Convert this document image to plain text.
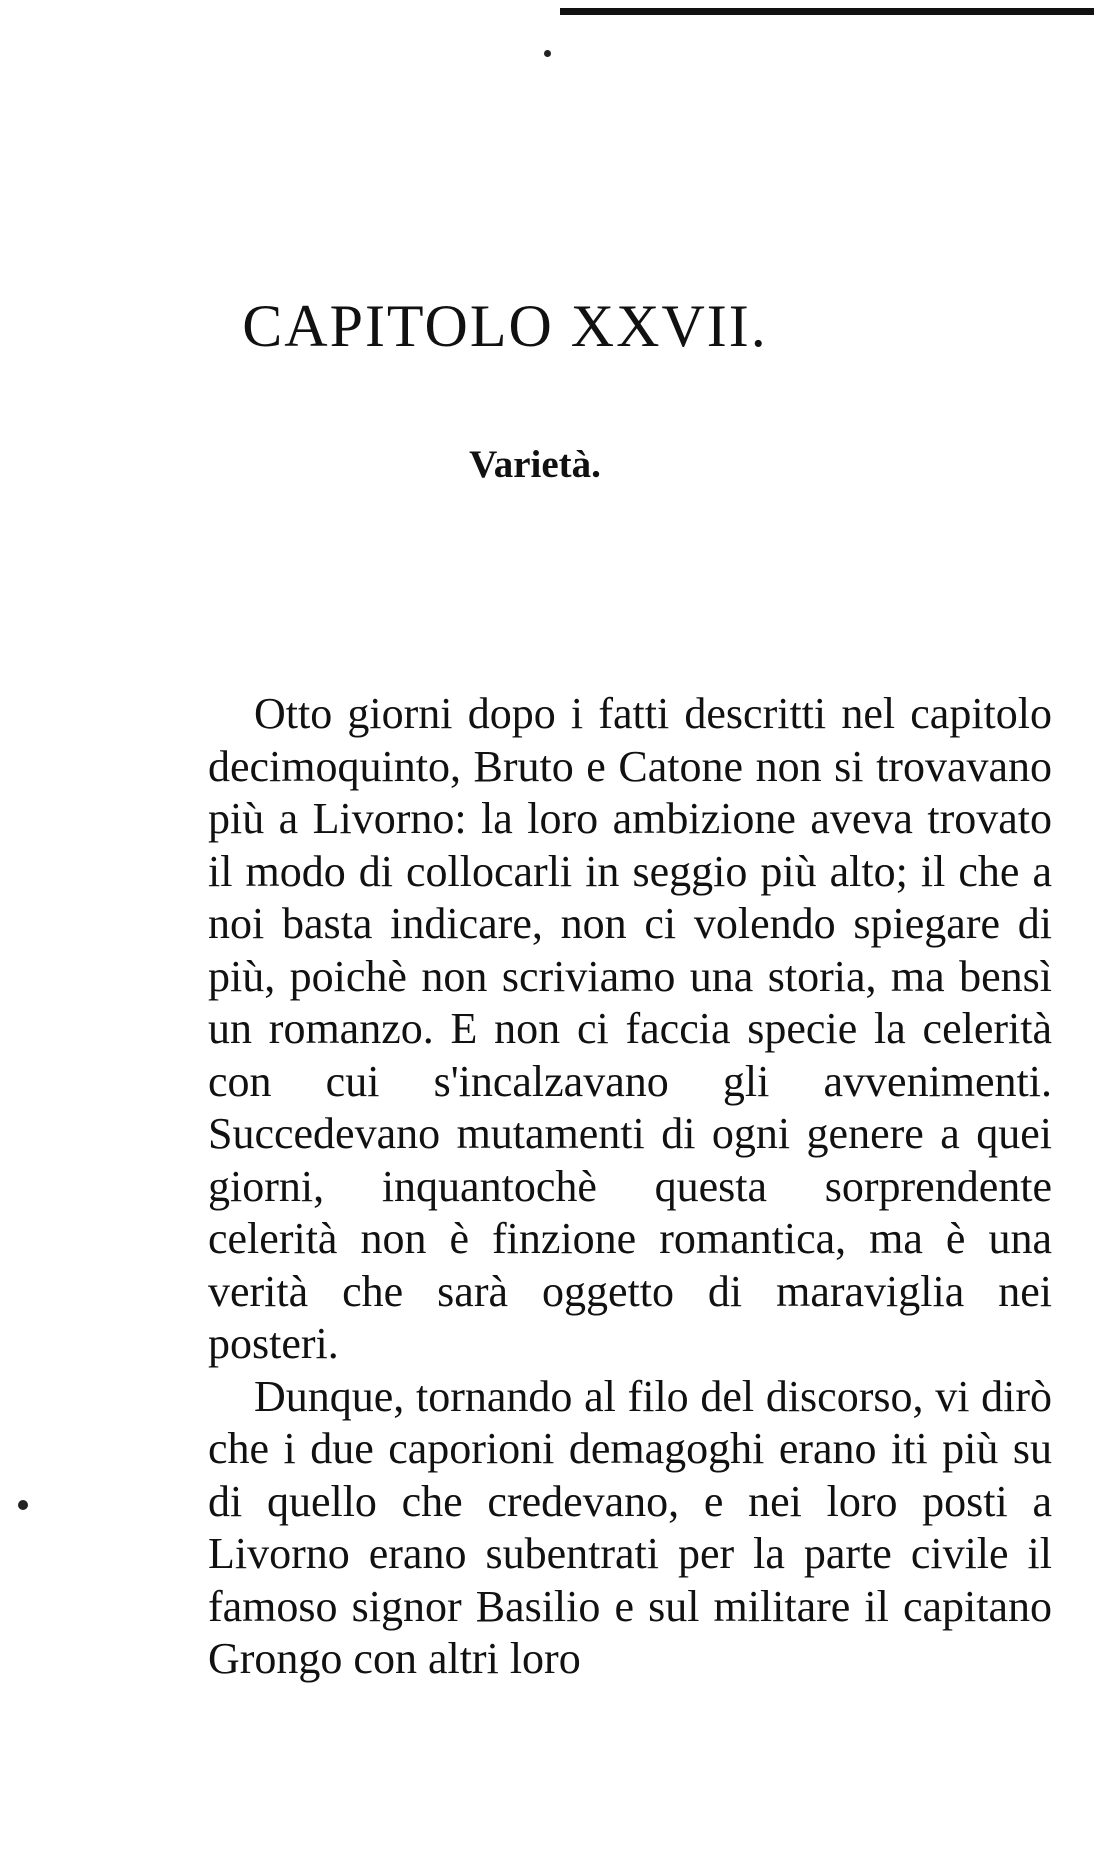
CAPITOLO XXVII.
Varietà.

Otto giorni dopo i fatti descritti nel capitolo decimoquinto, Bruto e Catone non si trovavano più a Livorno: la loro ambizione aveva trovato il modo di collocarli in seggio più alto; il che a noi basta indicare, non ci volendo spiegare di più, poichè non scriviamo una storia, ma bensì un romanzo. E non ci faccia specie la celerità con cui s'incalzavano gli avvenimenti. Succedevano mutamenti di ogni genere a quei giorni, inquantochè questa sorprendente celerità non è finzione romantica, ma è una verità che sarà oggetto di maraviglia nei posteri.

Dunque, tornando al filo del discorso, vi dirò che i due caporioni demagoghi erano iti più su di quello che credevano, e nei loro posti a Livorno erano subentrati per la parte civile il famoso signor Basilio e sul militare il capitano Grongo con altri loro
